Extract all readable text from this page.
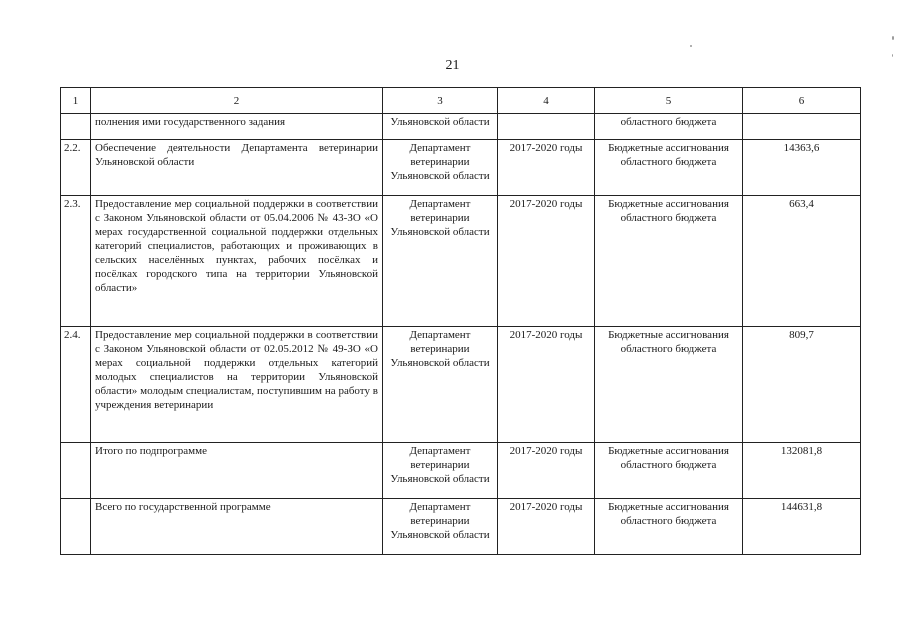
21
1	2	3	4	5	6
	полнения ими государственного задания	Ульяновской области		областного бюджета	
2.2.	Обеспечение деятельности Департамента ветеринарии Ульяновской области	Департамент ветеринарии Ульяновской области	2017-2020 годы	Бюджетные ассигнования областного бюджета	14363,6
2.3.	Предоставление мер социальной поддержки в соответствии с Законом Ульяновской области от 05.04.2006 № 43-ЗО «О мерах государственной социальной поддержки отдельных категорий специалистов, работающих и проживающих в сельских населённых пунктах, рабочих посёлках и посёлках городского типа на территории Ульяновской области»	Департамент ветеринарии Ульяновской области	2017-2020 годы	Бюджетные ассигнования областного бюджета	663,4
2.4.	Предоставление мер социальной поддержки в соответствии с Законом Ульяновской области от 02.05.2012 № 49-ЗО «О мерах социальной поддержки отдельных категорий молодых специалистов на территории Ульяновской области» молодым специалистам, поступившим на работу в учреждения ветеринарии	Департамент ветеринарии Ульяновской области	2017-2020 годы	Бюджетные ассигнования областного бюджета	809,7
	Итого по подпрограмме	Департамент ветеринарии Ульяновской области	2017-2020 годы	Бюджетные ассигнования областного бюджета	132081,8
	Всего по государственной программе	Департамент ветеринарии Ульяновской области	2017-2020 годы	Бюджетные ассигнования областного бюджета	144631,8
